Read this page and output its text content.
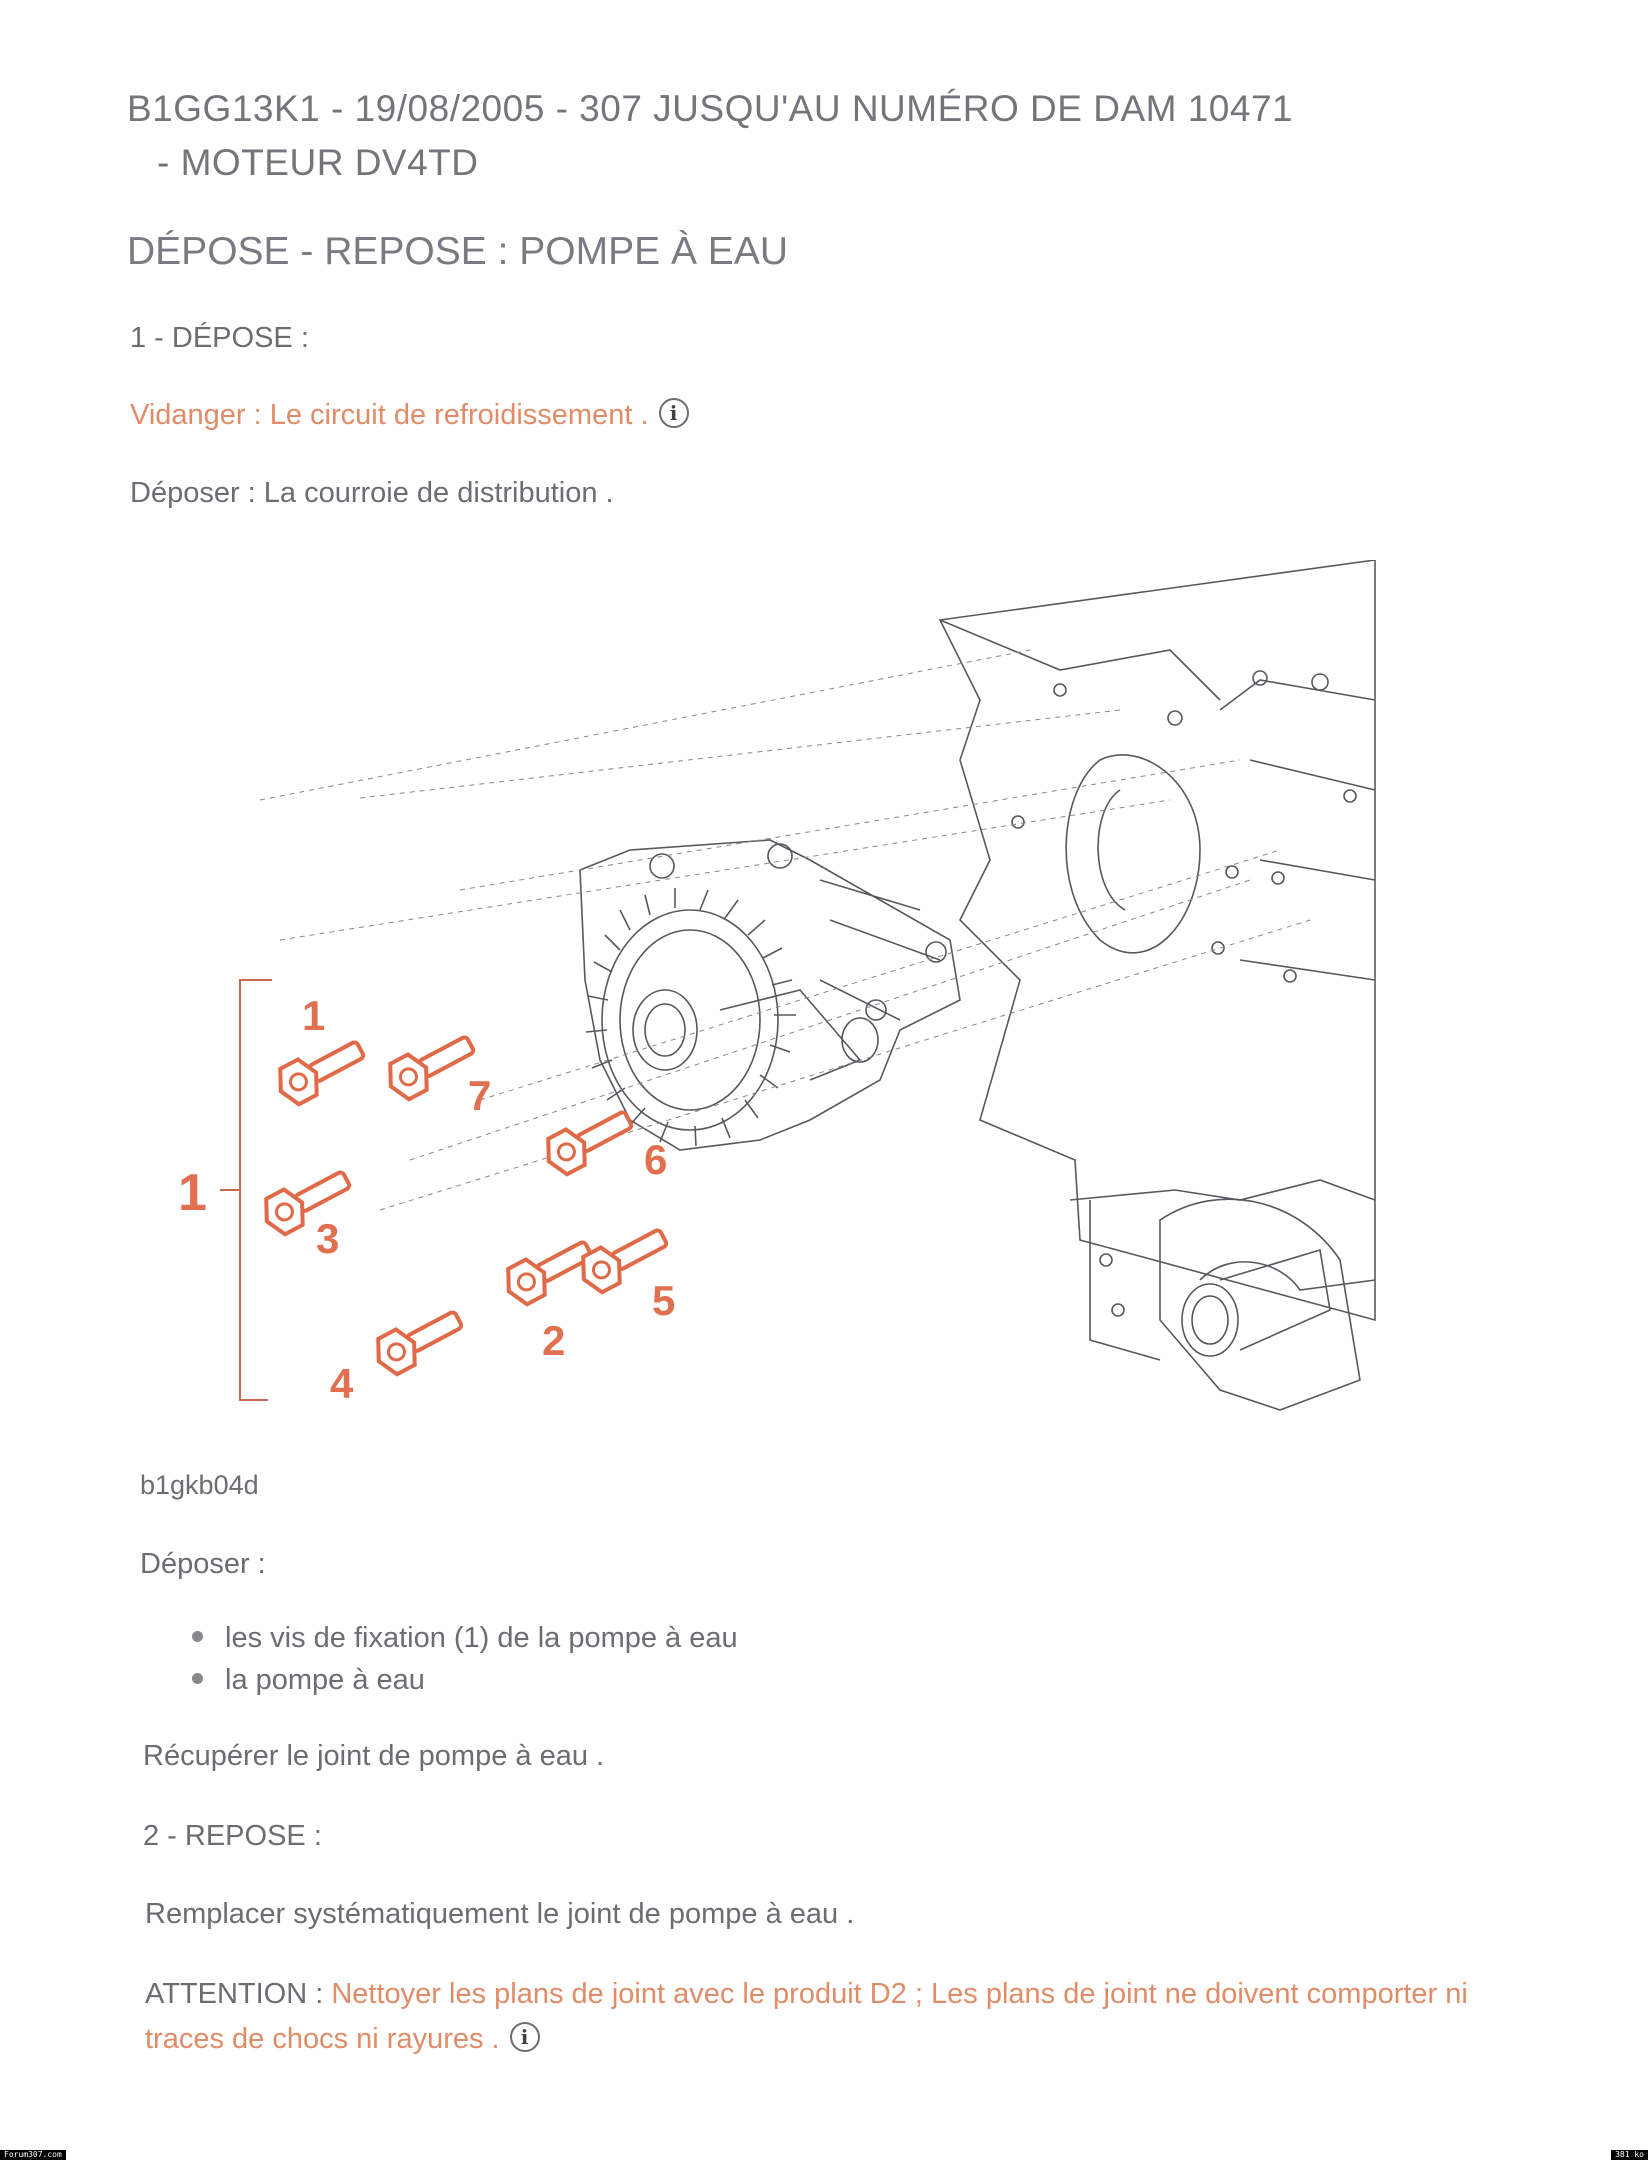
B1GG13K1 - 19/08/2005 - 307 JUSQU'AU NUMÉRO DE DAM 10471
- MOTEUR DV4TD
DÉPOSE - REPOSE : POMPE À EAU
1 - DÉPOSE :
Vidanger : Le circuit de refroidissement . i
Déposer : La courroie de distribution .
1
1
7
6
3
5
2
4
b1gkb04d
Déposer :
les vis de fixation (1) de la pompe à eau
la pompe à eau
Récupérer le joint de pompe à eau .
2 - REPOSE :
Remplacer systématiquement le joint de pompe à eau .
ATTENTION : Nettoyer les plans de joint avec le produit D2 ; Les plans de joint ne doivent comporter ni
traces de chocs ni rayures . i
Forum307.com	381 ko
